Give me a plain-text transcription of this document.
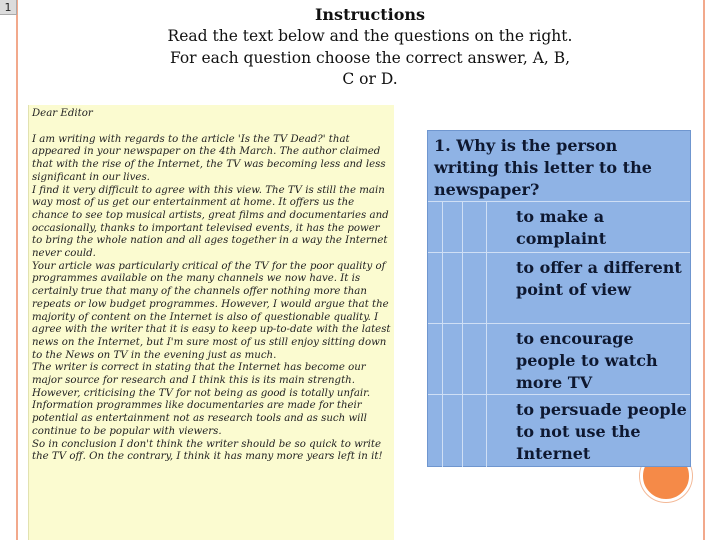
1	Instructions
Read the text below and the questions on the right.
For each question choose the correct answer, A, B,
C or D.
Dear Editor

I am writing with regards to the article 'Is the TV Dead?' that appeared in your newspaper on the 4th March. The author claimed that with the rise of the Internet, the TV was becoming less and less significant in our lives.

I find it very difficult to agree with this view. The TV is still the main way most of us get our entertainment at home. It offers us the chance to see top musical artists, great films and documentaries and occasionally, thanks to important televised events, it has the power to bring the whole nation and all ages together in a way the Internet never could.

Your article was particularly critical of the TV for the poor quality of programmes available on the many channels we now have. It is certainly true that many of the channels offer nothing more than repeats or low budget programmes. However, I would argue that the majority of content on the Internet is also of questionable quality. I agree with the writer that it is easy to keep up-to-date with the latest news on the Internet, but I'm sure most of us still enjoy sitting down to the News on TV in the evening just as much.

The writer is correct in stating that the Internet has become our major source for research and I think this is its main strength. However, criticising the TV for not being as good is totally unfair. Information programmes like documentaries are made for their potential as entertainment not as research tools and as such will continue to be popular with viewers.

So in conclusion I don't think the writer should be so quick to write the TV off. On the contrary, I think it has many more years left in it!

1. Why is the person writing this letter to the newspaper?
to make a complaint
to offer a different point of view
to encourage people to watch more TV
to persuade people to not use the Internet
